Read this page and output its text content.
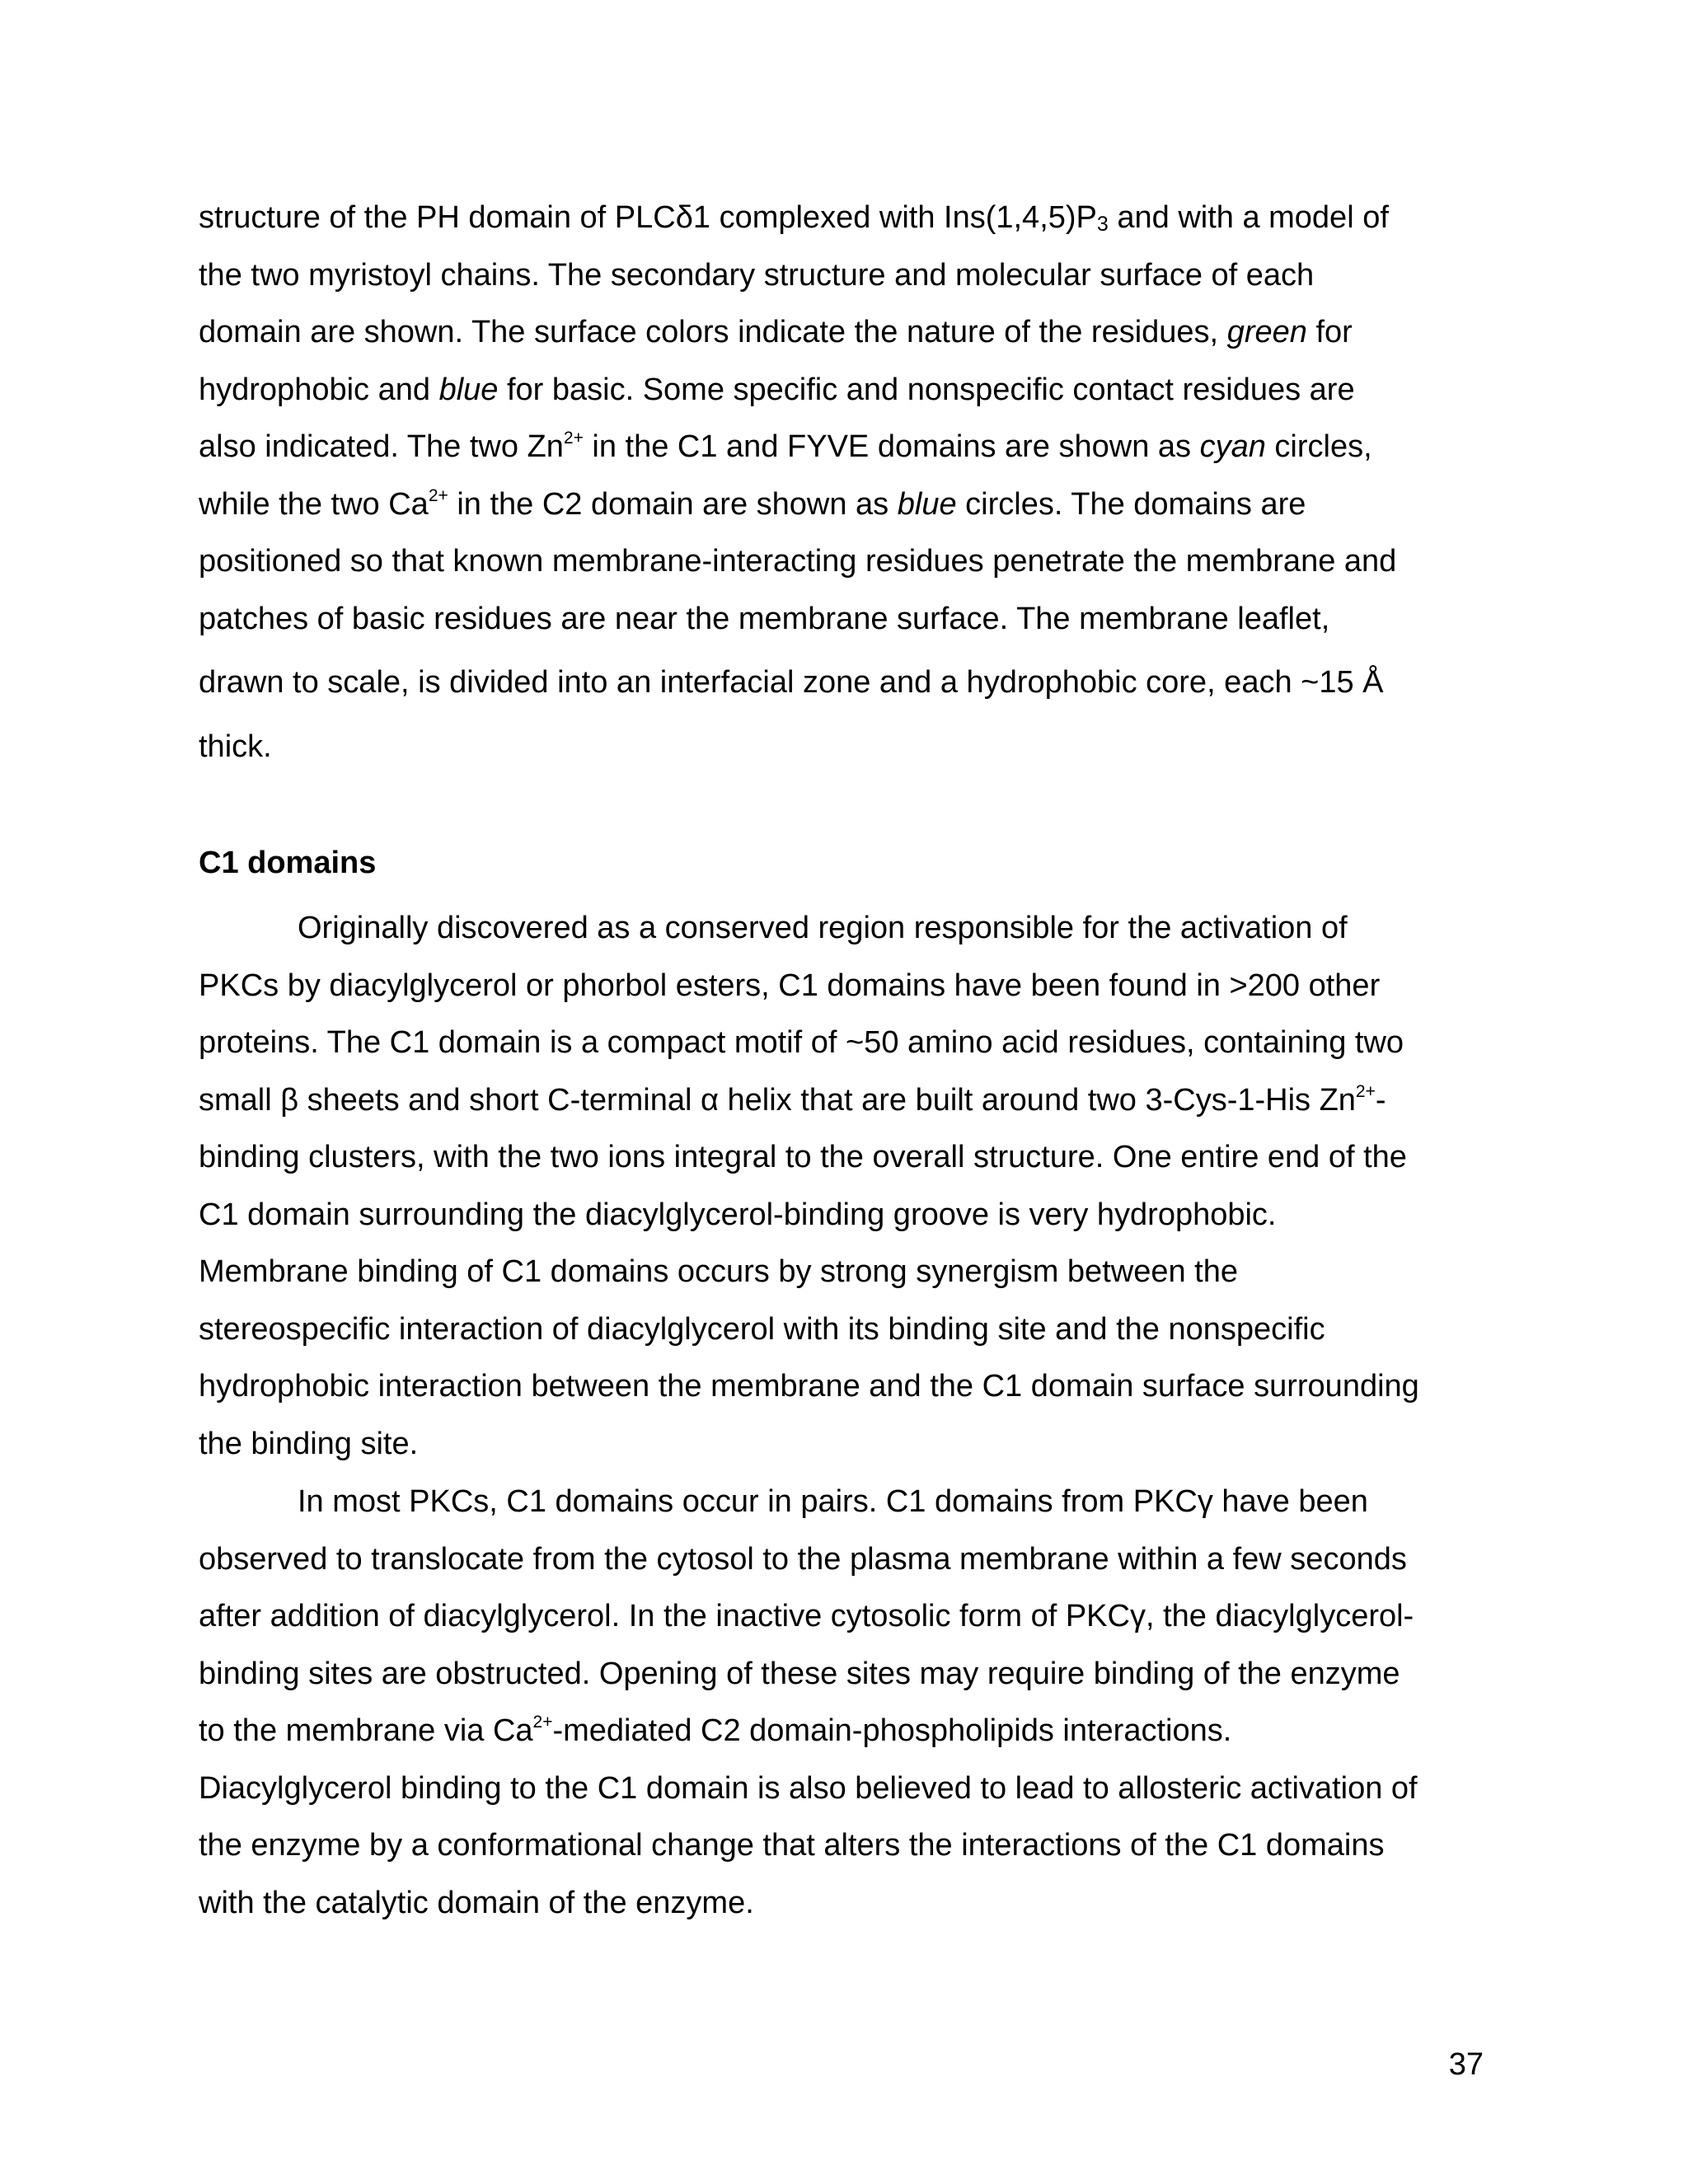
structure of the PH domain of PLCδ1 complexed with $Ins(1,4,5)P_3$ and with a model of
the two myristoyl chains. The secondary structure and molecular surface of each
domain are shown. The surface colors indicate the nature of the residues, green for
hydrophobic and blue for basic. Some specific and nonspecific contact residues are
also indicated. The two $Zn^{2+}$ in the C1 and FYVE domains are shown as cyan circles,
while the two $Ca^{2+}$ in the C2 domain are shown as blue circles. The domains are
positioned so that known membrane-interacting residues penetrate the membrane and
patches of basic residues are near the membrane surface. The membrane leaflet,
drawn to scale, is divided into an interfacial zone and a hydrophobic core, each ~15 Å
thick.

C1 domains

Originally discovered as a conserved region responsible for the activation of
PKCs by diacylglycerol or phorbol esters, C1 domains have been found in >200 other
proteins. The C1 domain is a compact motif of ~50 amino acid residues, containing two
small β sheets and short C-terminal α helix that are built around two 3-Cys-1-His $Zn^{2+}-$
binding clusters, with the two ions integral to the overall structure. One entire end of the
C1 domain surrounding the diacylglycerol-binding groove is very hydrophobic.
Membrane binding of C1 domains occurs by strong synergism between the
stereospecific interaction of diacylglycerol with its binding site and the nonspecific
hydrophobic interaction between the membrane and the C1 domain surface surrounding
the binding site.
In most PKCs, C1 domains occur in pairs. C1 domains from PKCγ have been
observed to translocate from the cytosol to the plasma membrane within a few seconds
after addition of diacylglycerol. In the inactive cytosolic form of PKCγ, the diacylglycerol-
binding sites are obstructed. Opening of these sites may require binding of the enzyme
to the membrane via $Ca^{2+}$-mediated C2 domain-phospholipids interactions.
Diacylglycerol binding to the C1 domain is also believed to lead to allosteric activation of
the enzyme by a conformational change that alters the interactions of the C1 domains
with the catalytic domain of the enzyme.
37
